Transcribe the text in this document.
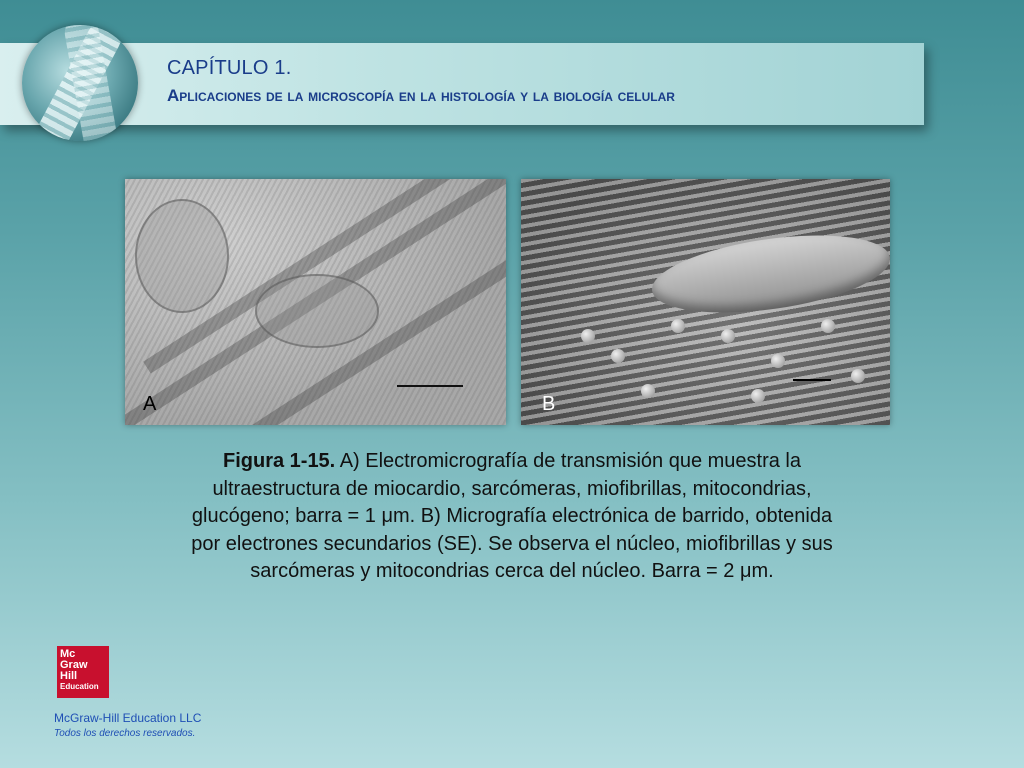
CAPÍTULO 1.
Aplicaciones de la microscopía en la histología y la biología celular
A	B
Figura 1-15. A) Electromicrografía de transmisión que muestra la ultraestructura de miocardio, sarcómeras, miofibrillas, mitocondrias, glucógeno; barra = 1 μm. B) Micrografía electrónica de barrido, obtenida por electrones secundarios (SE). Se observa el núcleo, miofibrillas y sus sarcómeras y mitocondrias cerca del núcleo. Barra = 2 μm.
Mc
Graw
Hill
Education
McGraw-Hill Education LLC
Todos los derechos reservados.
